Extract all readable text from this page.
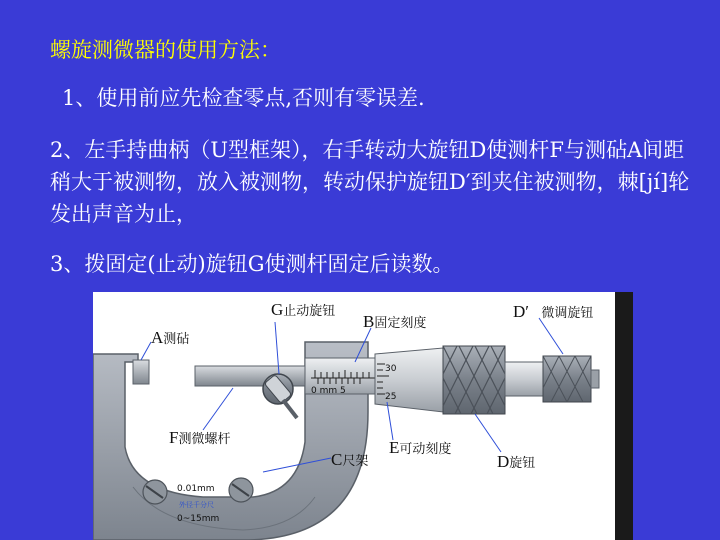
螺旋测微器的使用方法：
1、使用前应先检查零点,否则有零误差.
2、左手持曲柄（U型框架），右手转动大旋钮D使测杆F与测砧A间距稍大于被测物，放入被测物，转动保护旋钮D′到夹住被测物，棘[jí]轮发出声音为止，
3、拨固定(止动)旋钮G使测杆固定后读数。
A测砧
G止动旋钮
B固定刻度
D′ 微调旋钮
F测微螺杆
C尺架
E可动刻度
D旋钮
30
25
0 mm 5
0.01mm
外径千分尺
0~15mm
